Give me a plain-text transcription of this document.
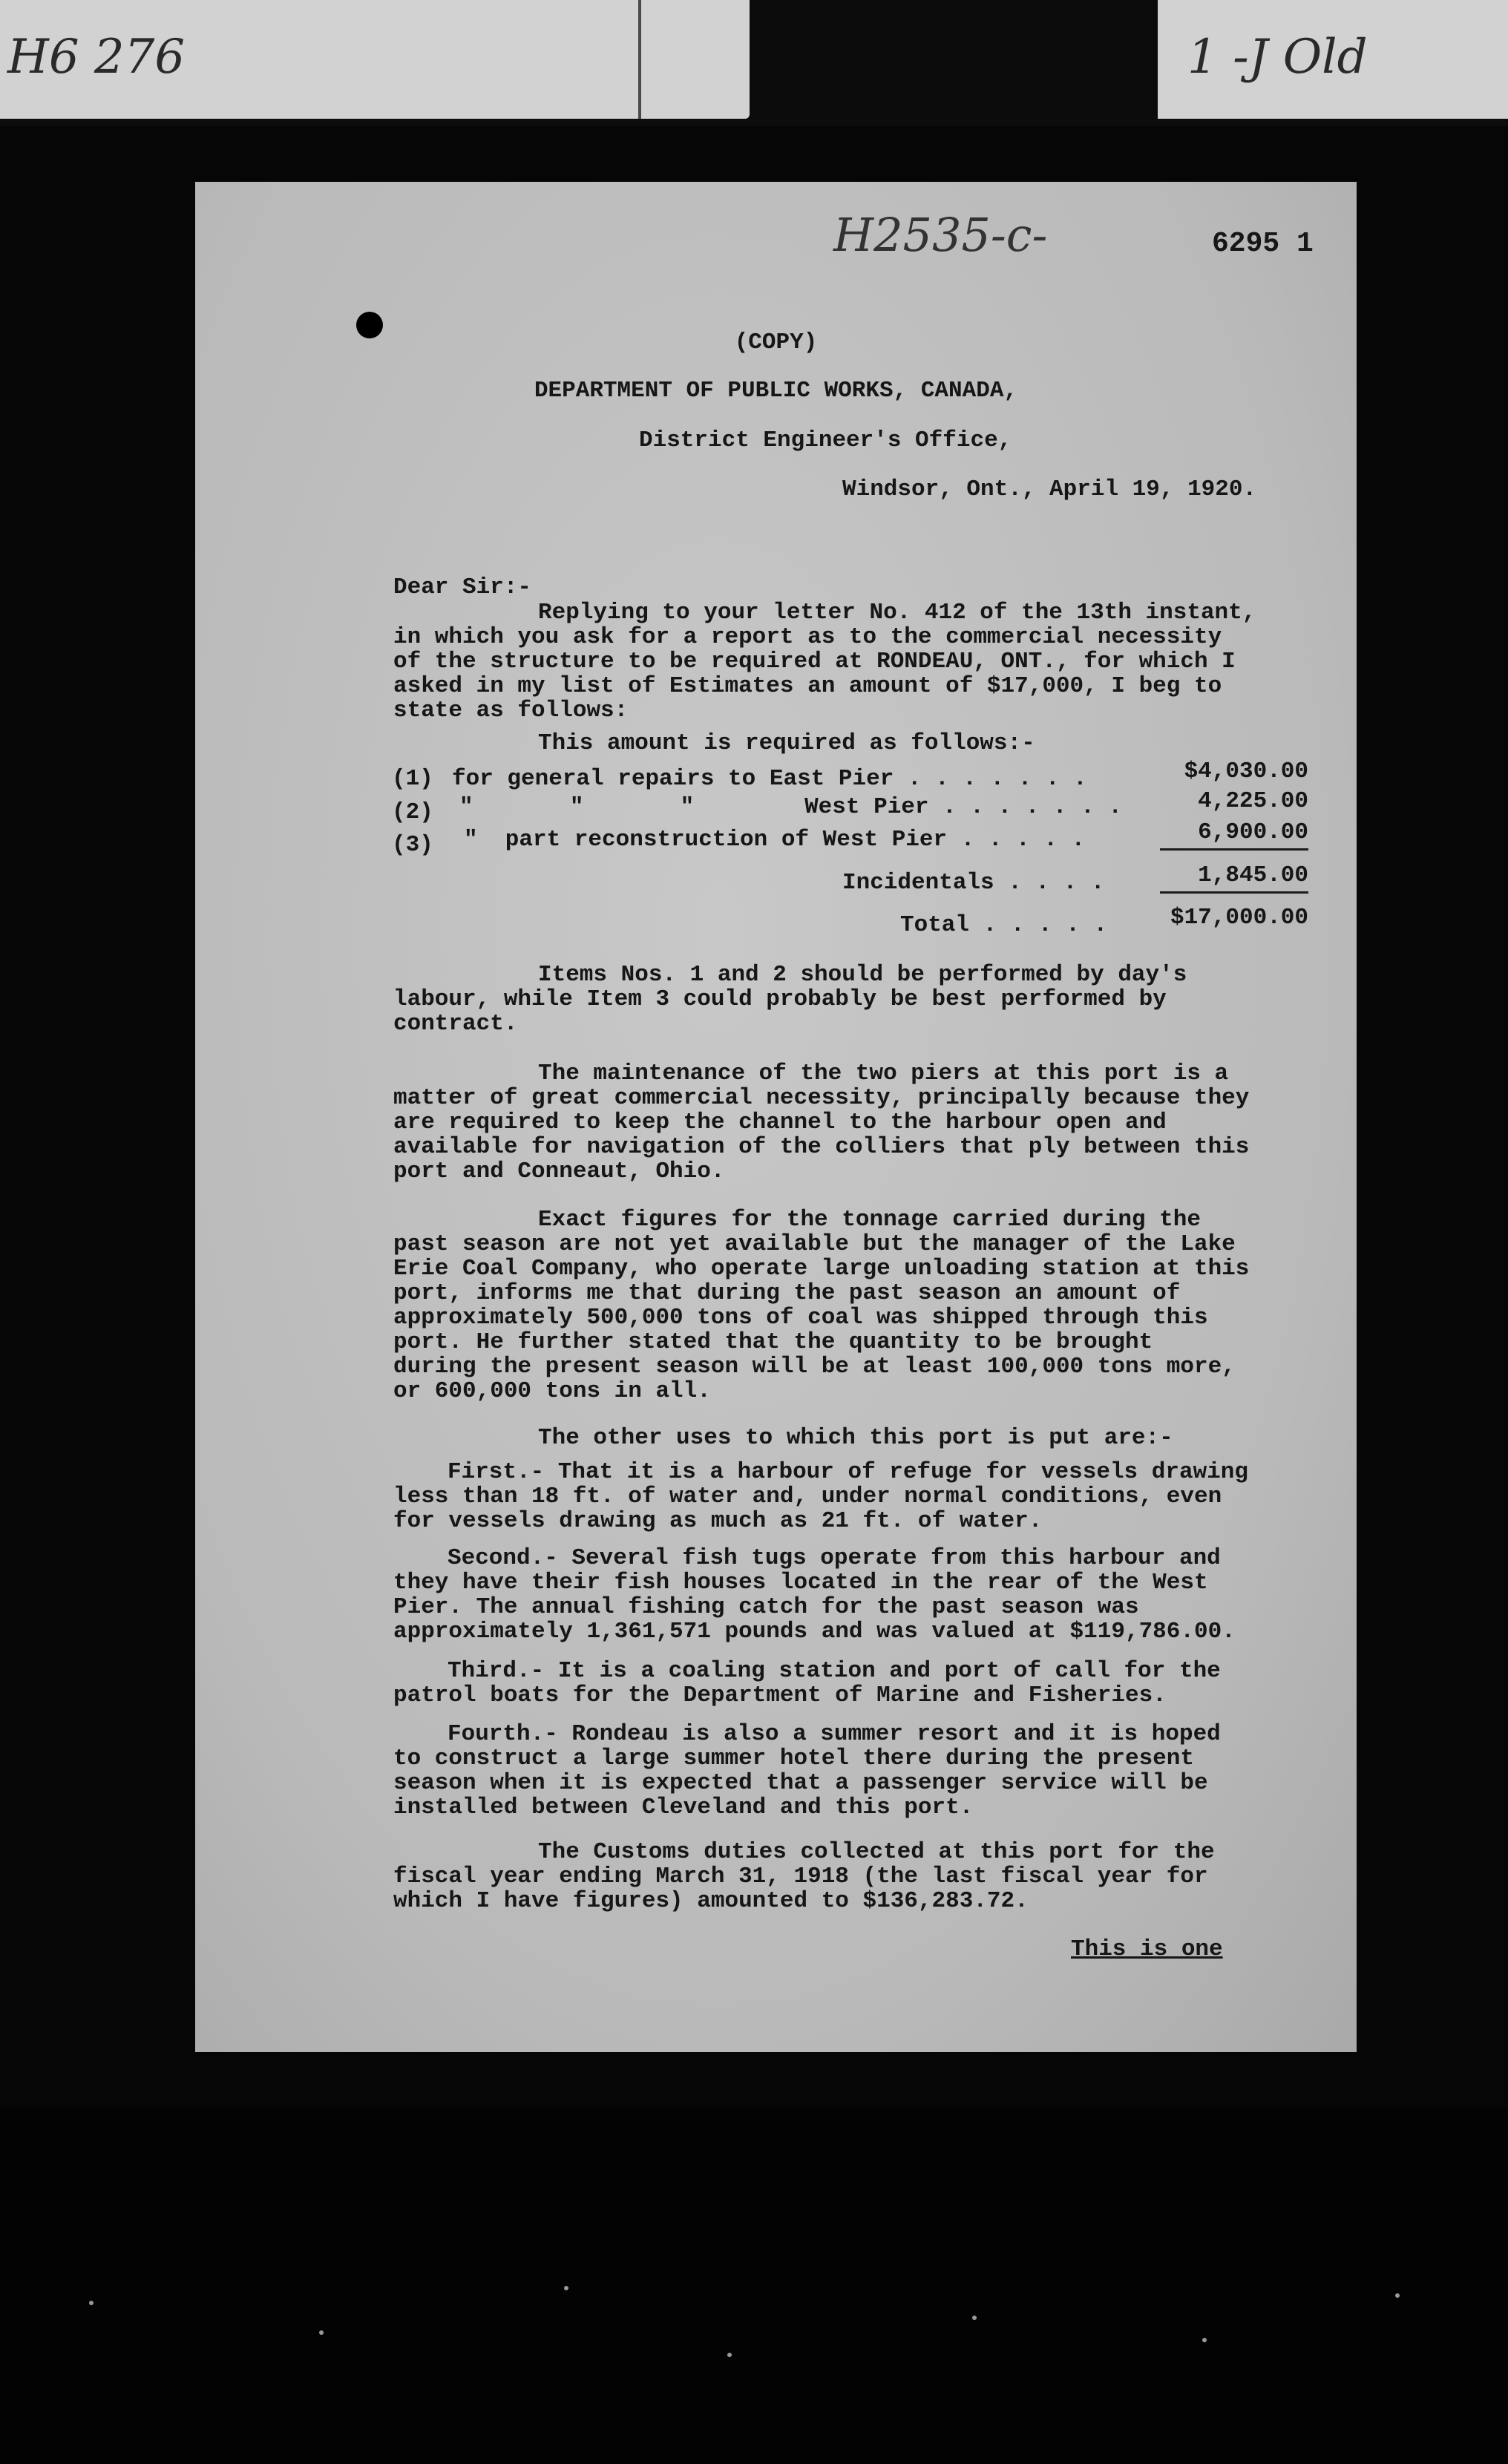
H6 276	1 -J Old
H2535-c-	6295 1
(COPY)
DEPARTMENT OF PUBLIC WORKS, CANADA,
District Engineer's Office,
Windsor, Ont., April 19, 1920.
Dear Sir:-
Replying to your letter No. 412 of the 13th instant,
in which you ask for a report as to the commercial necessity
of the structure to be required at RONDEAU, ONT., for which I
asked in my list of Estimates an amount of $17,000, I beg to
state as follows:
This amount is required as follows:-
(1) for general repairs to East Pier . . . . . . .	$4,030.00
(2) "       "       "        West Pier . . . . . . .	4,225.00
(3) "  part reconstruction of West Pier . . . . .	6,900.00
Incidentals . . . .	1,845.00
Total . . . . .	$17,000.00
Items Nos. 1 and 2 should be performed by day's
labour, while Item 3 could probably be best performed by
contract.
The maintenance of the two piers at this port is a
matter of great commercial necessity, principally because they
are required to keep the channel to the harbour open and
available for navigation of the colliers that ply between this
port and Conneaut, Ohio.
Exact figures for the tonnage carried during the
past season are not yet available but the manager of the Lake
Erie Coal Company, who operate large unloading station at this
port, informs me that during the past season an amount of
approximately 500,000 tons of coal was shipped through this
port. He further stated that the quantity to be brought
during the present season will be at least 100,000 tons more,
or 600,000 tons in all.
The other uses to which this port is put are:-
First.- That it is a harbour of refuge for vessels drawing
less than 18 ft. of water and, under normal conditions, even
for vessels drawing as much as 21 ft. of water.
Second.- Several fish tugs operate from this harbour and
they have their fish houses located in the rear of the West
Pier. The annual fishing catch for the past season was
approximately 1,361,571 pounds and was valued at $119,786.00.
Third.- It is a coaling station and port of call for the
patrol boats for the Department of Marine and Fisheries.
Fourth.- Rondeau is also a summer resort and it is hoped
to construct a large summer hotel there during the present
season when it is expected that a passenger service will be
installed between Cleveland and this port.
The Customs duties collected at this port for the
fiscal year ending March 31, 1918 (the last fiscal year for
which I have figures) amounted to $136,283.72.
This is one
